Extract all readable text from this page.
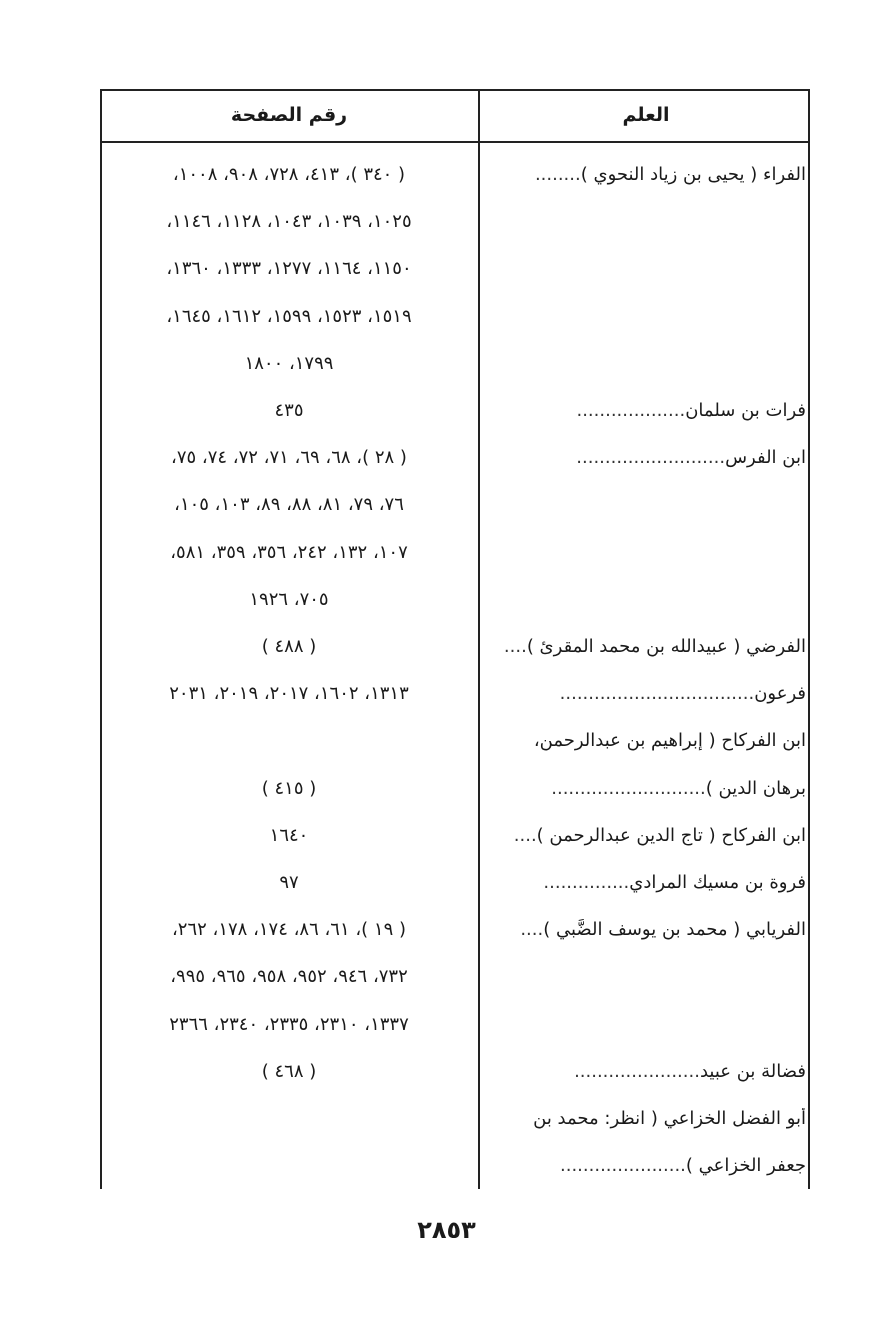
العلم
رقم الصفحة
الفراء ( يحيى بن زياد النحوي )........
فرات بن سلمان...................
ابن الفرس..........................
الفرضي ( عبيدالله بن محمد المقرئ )....
فرعون..................................
ابن الفركاح ( إبراهيم بن عبدالرحمن،
برهان الدين )...........................
ابن الفركاح ( تاج الدين عبدالرحمن )....
فروة بن مسيك المرادي...............
الفريابي ( محمد بن يوسف الضَّبي )....
فضالة بن عبيد......................
أبو الفضل الخزاعي ( انظر: محمد بن
جعفر الخزاعي )......................
( ٣٤٠ )، ٤١٣، ٧٢٨، ٩٠٨، ١٠٠٨،
١٠٢٥، ١٠٣٩، ١٠٤٣، ١١٢٨، ١١٤٦،
١١٥٠، ١١٦٤، ١٢٧٧، ١٣٣٣، ١٣٦٠،
١٥١٩، ١٥٢٣، ١٥٩٩، ١٦١٢، ١٦٤٥،
١٧٩٩، ١٨٠٠
٤٣٥
( ٢٨ )، ٦٨، ٦٩، ٧١، ٧٢، ٧٤، ٧٥،
٧٦، ٧٩، ٨١، ٨٨، ٨٩، ١٠٣، ١٠٥،
١٠٧، ١٣٢، ٢٤٢، ٣٥٦، ٣٥٩، ٥٨١،
٧٠٥، ١٩٢٦
( ٤٨٨ )
١٣١٣، ١٦٠٢، ٢٠١٧، ٢٠١٩، ٢٠٣١
( ٤١٥ )
١٦٤٠
٩٧
( ١٩ )، ٦١، ٨٦، ١٧٤، ١٧٨، ٢٦٢،
٧٣٢، ٩٤٦، ٩٥٢، ٩٥٨، ٩٦٥، ٩٩٥،
١٣٣٧، ٢٣١٠، ٢٣٣٥، ٢٣٤٠، ٢٣٦٦
( ٤٦٨ )
٢٨٥٣
